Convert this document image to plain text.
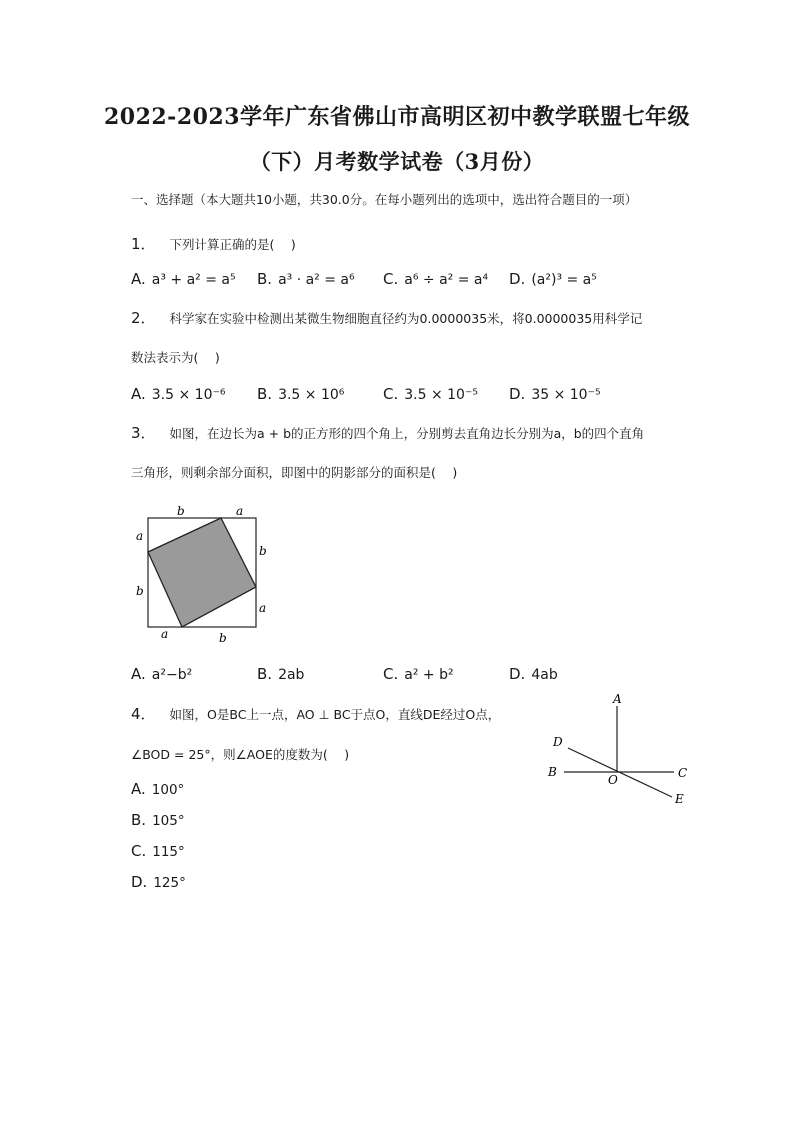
2022-2023学年广东省佛山市高明区初中教学联盟七年级
（下）月考数学试卷（3月份）
一、选择题（本大题共10小题，共30.0分。在每小题列出的选项中，选出符合题目的一项）
1． 下列计算正确的是(　 )
A. a³ + a² = a⁵ B. a³ · a² = a⁶ C. a⁶ ÷ a² = a⁴ D. (a²)³ = a⁵
2． 科学家在实验中检测出某微生物细胞直径约为0.0000035米，将0.0000035用科学记
数法表示为(　 )
A. 3.5 × 10⁻⁶ B. 3.5 × 10⁶	C. 3.5 × 10⁻⁵ D. 35 × 10⁻⁵
3． 如图，在边长为a + b的正方形的四个角上，分别剪去直角边长分别为a，b的四个直角
三角形，则剩余部分面积，即图中的阴影部分的面积是(　 )
b	a
a
b
b
a
a	b
A. a²−b²	B. 2ab	C. a² + b²	D. 4ab
4． 如图，O是BC上一点，AO ⊥ BC于点O，直线DE经过O点，
∠BOD = 25°，则∠AOE的度数为(　 )
A
D
B
O	C
E
A. 100°
B. 105°
C. 115°
D. 125°
